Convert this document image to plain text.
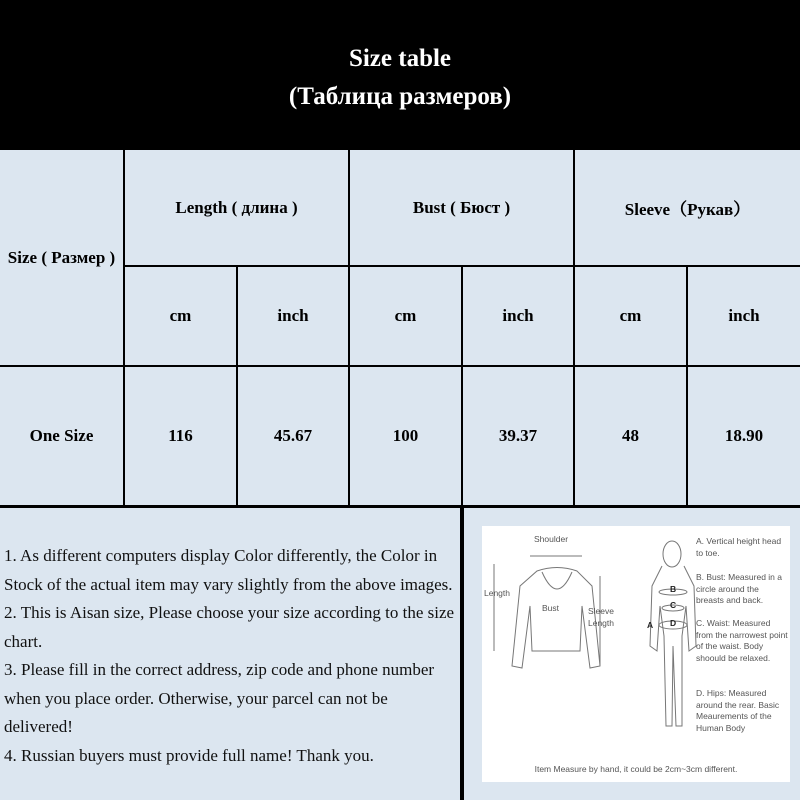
Size table
(Таблица размеров)
Size ( Размер )
Length ( длина )	Bust ( Бюст )	Sleeve（Рукав）
cm	inch	cm	inch	cm	inch
One Size	116	45.67	100	39.37	48	18.90
1. As different computers display Color differently, the Color in Stock of the actual item may vary slightly from the above images.
2. This is Aisan size, Please choose your size according to the size chart.
3. Please fill in the correct address, zip code and phone number when you place order. Otherwise, your parcel can not be delivered!
4. Russian buyers must provide full name! Thank you.
Shoulder
Length
Bust	Sleeve Length	A
B
C
D
A. Vertical height head to toe.
B. Bust: Measured in a circle around the breasts and back.
C. Waist: Measured from the narrowest point of the waist. Body shoould be relaxed.
D. Hips: Measured around the rear. Basic Meaurements of the Human Body
Item Measure by hand, it could be 2cm~3cm different.
